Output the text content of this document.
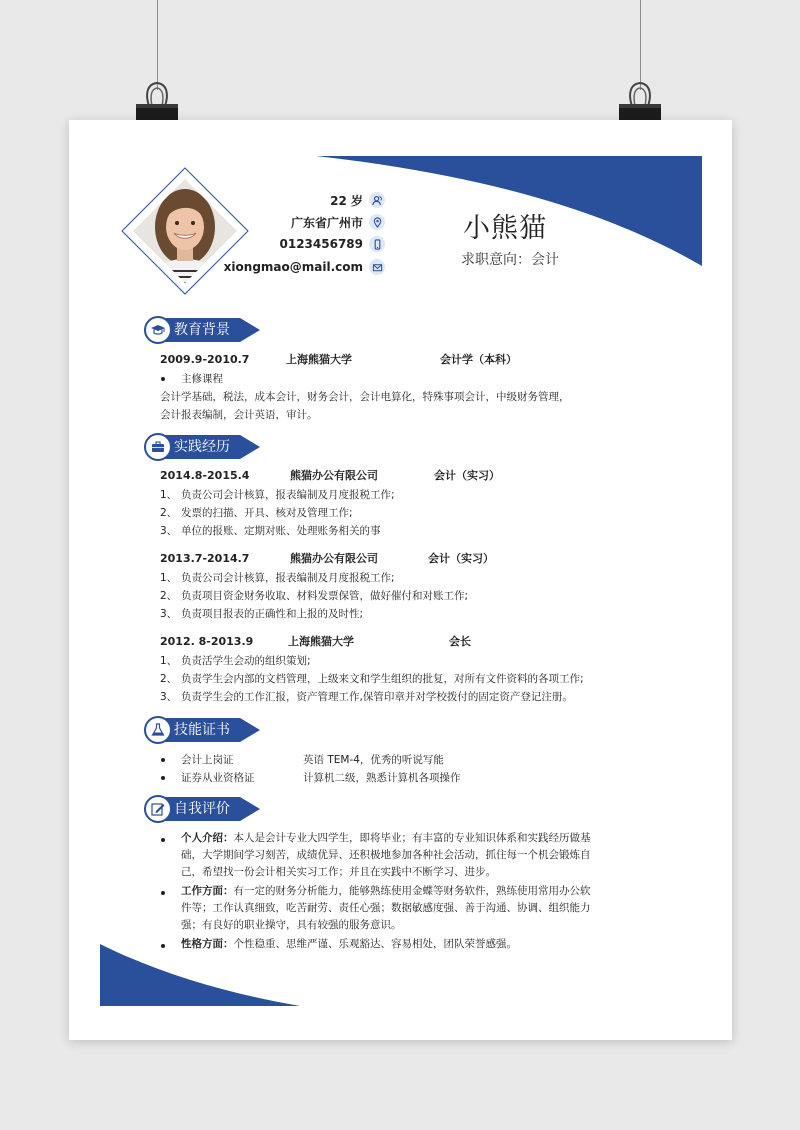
22 岁
广东省广州市
0123456789
xiongmao@mail.com
小熊猫
求职意向：会计
教育背景
2009.9-2010.7	上海熊猫大学	会计学（本科）
主修课程
会计学基础，税法，成本会计，财务会计，会计电算化，特殊事项会计，中级财务管理，
会计报表编制，会计英语，审计。
实践经历
2014.8-2015.4	熊猫办公有限公司	会计（实习）
1、 负责公司会计核算，报表编制及月度报税工作;
2、 发票的扫描、开具、核对及管理工作;
3、 单位的报账、定期对账、处理账务相关的事
2013.7-2014.7	熊猫办公有限公司	会计（实习）
1、 负责公司会计核算，报表编制及月度报税工作;
2、 负责项目资金财务收取、材料发票保管，做好催付和对账工作;
3、 负责项目报表的正确性和上报的及时性;
2012. 8-2013.9	上海熊猫大学	会长
1、 负责活学生会动的组织策划;
2、 负责学生会内部的文档管理，上级来文和学生组织的批复，对所有文件资料的各项工作;
3、 负责学生会的工作汇报，资产管理工作,保管印章并对学校拨付的固定资产登记注册。
技能证书
会计上岗证	英语 TEM-4，优秀的听说写能
证券从业资格证	计算机二级，熟悉计算机各项操作
自我评价
个人介绍：本人是会计专业大四学生，即将毕业；有丰富的专业知识体系和实践经历做基
础，大学期间学习刻苦，成绩优异、还积极地参加各种社会活动，抓住每一个机会锻炼自
己，希望找一份会计相关实习工作；并且在实践中不断学习、进步。
工作方面：有一定的财务分析能力，能够熟练使用金蝶等财务软件，熟练使用常用办公软
件等；工作认真细致，吃苦耐劳、责任心强；数据敏感度强、善于沟通、协调、组织能力
强；有良好的职业操守，具有较强的服务意识。
性格方面：个性稳重、思维严谨、乐观豁达、容易相处，团队荣誉感强。
